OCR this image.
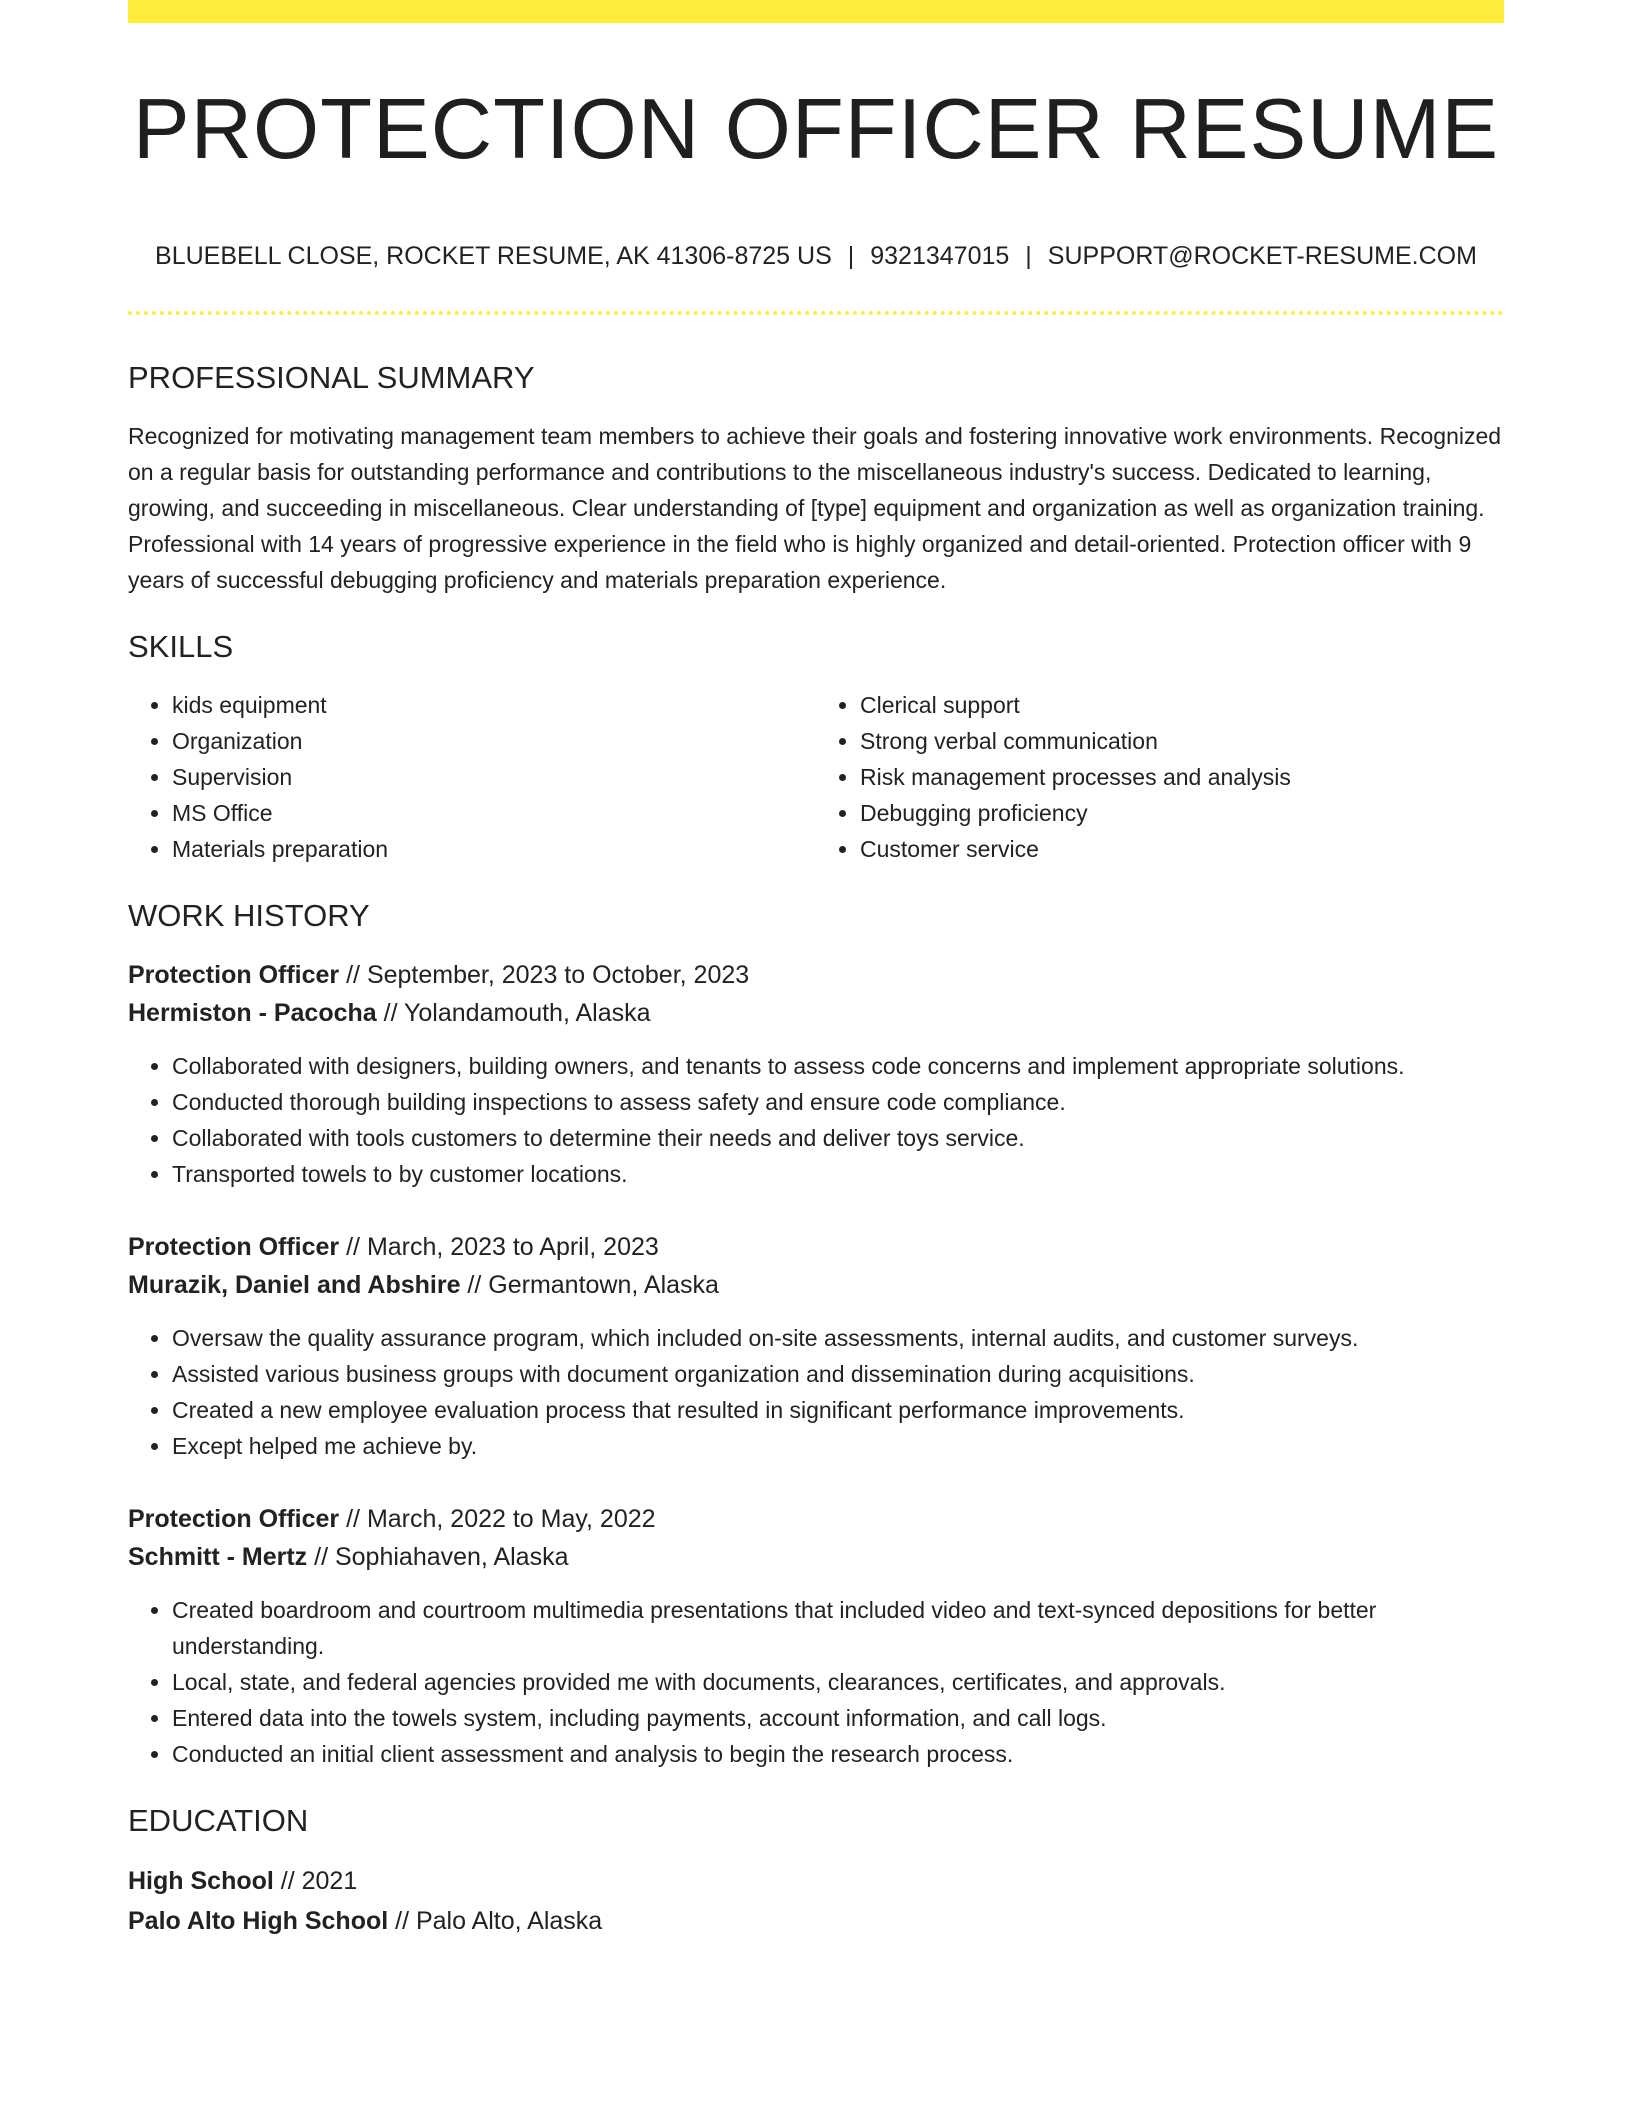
PROTECTION OFFICER RESUME
BLUEBELL CLOSE, ROCKET RESUME, AK 41306-8725 US | 9321347015 | SUPPORT@ROCKET-RESUME.COM
PROFESSIONAL SUMMARY

Recognized for motivating management team members to achieve their goals and fostering innovative work environments. Recognized on a regular basis for outstanding performance and contributions to the miscellaneous industry's success. Dedicated to learning, growing, and succeeding in miscellaneous. Clear understanding of [type] equipment and organization as well as organization training. Professional with 14 years of progressive experience in the field who is highly organized and detail-oriented. Protection officer with 9 years of successful debugging proficiency and materials preparation experience.

SKILLS
• kids equipment
• Organization
• Supervision
• MS Office
• Materials preparation
• Clerical support
• Strong verbal communication
• Risk management processes and analysis
• Debugging proficiency
• Customer service
WORK HISTORY
Protection Officer // September, 2023 to October, 2023
Hermiston - Pacocha // Yolandamouth, Alaska
• Collaborated with designers, building owners, and tenants to assess code concerns and implement appropriate solutions.
• Conducted thorough building inspections to assess safety and ensure code compliance.
• Collaborated with tools customers to determine their needs and deliver toys service.
• Transported towels to by customer locations.
Protection Officer // March, 2023 to April, 2023
Murazik, Daniel and Abshire // Germantown, Alaska
• Oversaw the quality assurance program, which included on-site assessments, internal audits, and customer surveys.
• Assisted various business groups with document organization and dissemination during acquisitions.
• Created a new employee evaluation process that resulted in significant performance improvements.
• Except helped me achieve by.
Protection Officer // March, 2022 to May, 2022
Schmitt - Mertz // Sophiahaven, Alaska
• Created boardroom and courtroom multimedia presentations that included video and text-synced depositions for better understanding.
• Local, state, and federal agencies provided me with documents, clearances, certificates, and approvals.
• Entered data into the towels system, including payments, account information, and call logs.
• Conducted an initial client assessment and analysis to begin the research process.
EDUCATION
High School // 2021
Palo Alto High School // Palo Alto, Alaska
